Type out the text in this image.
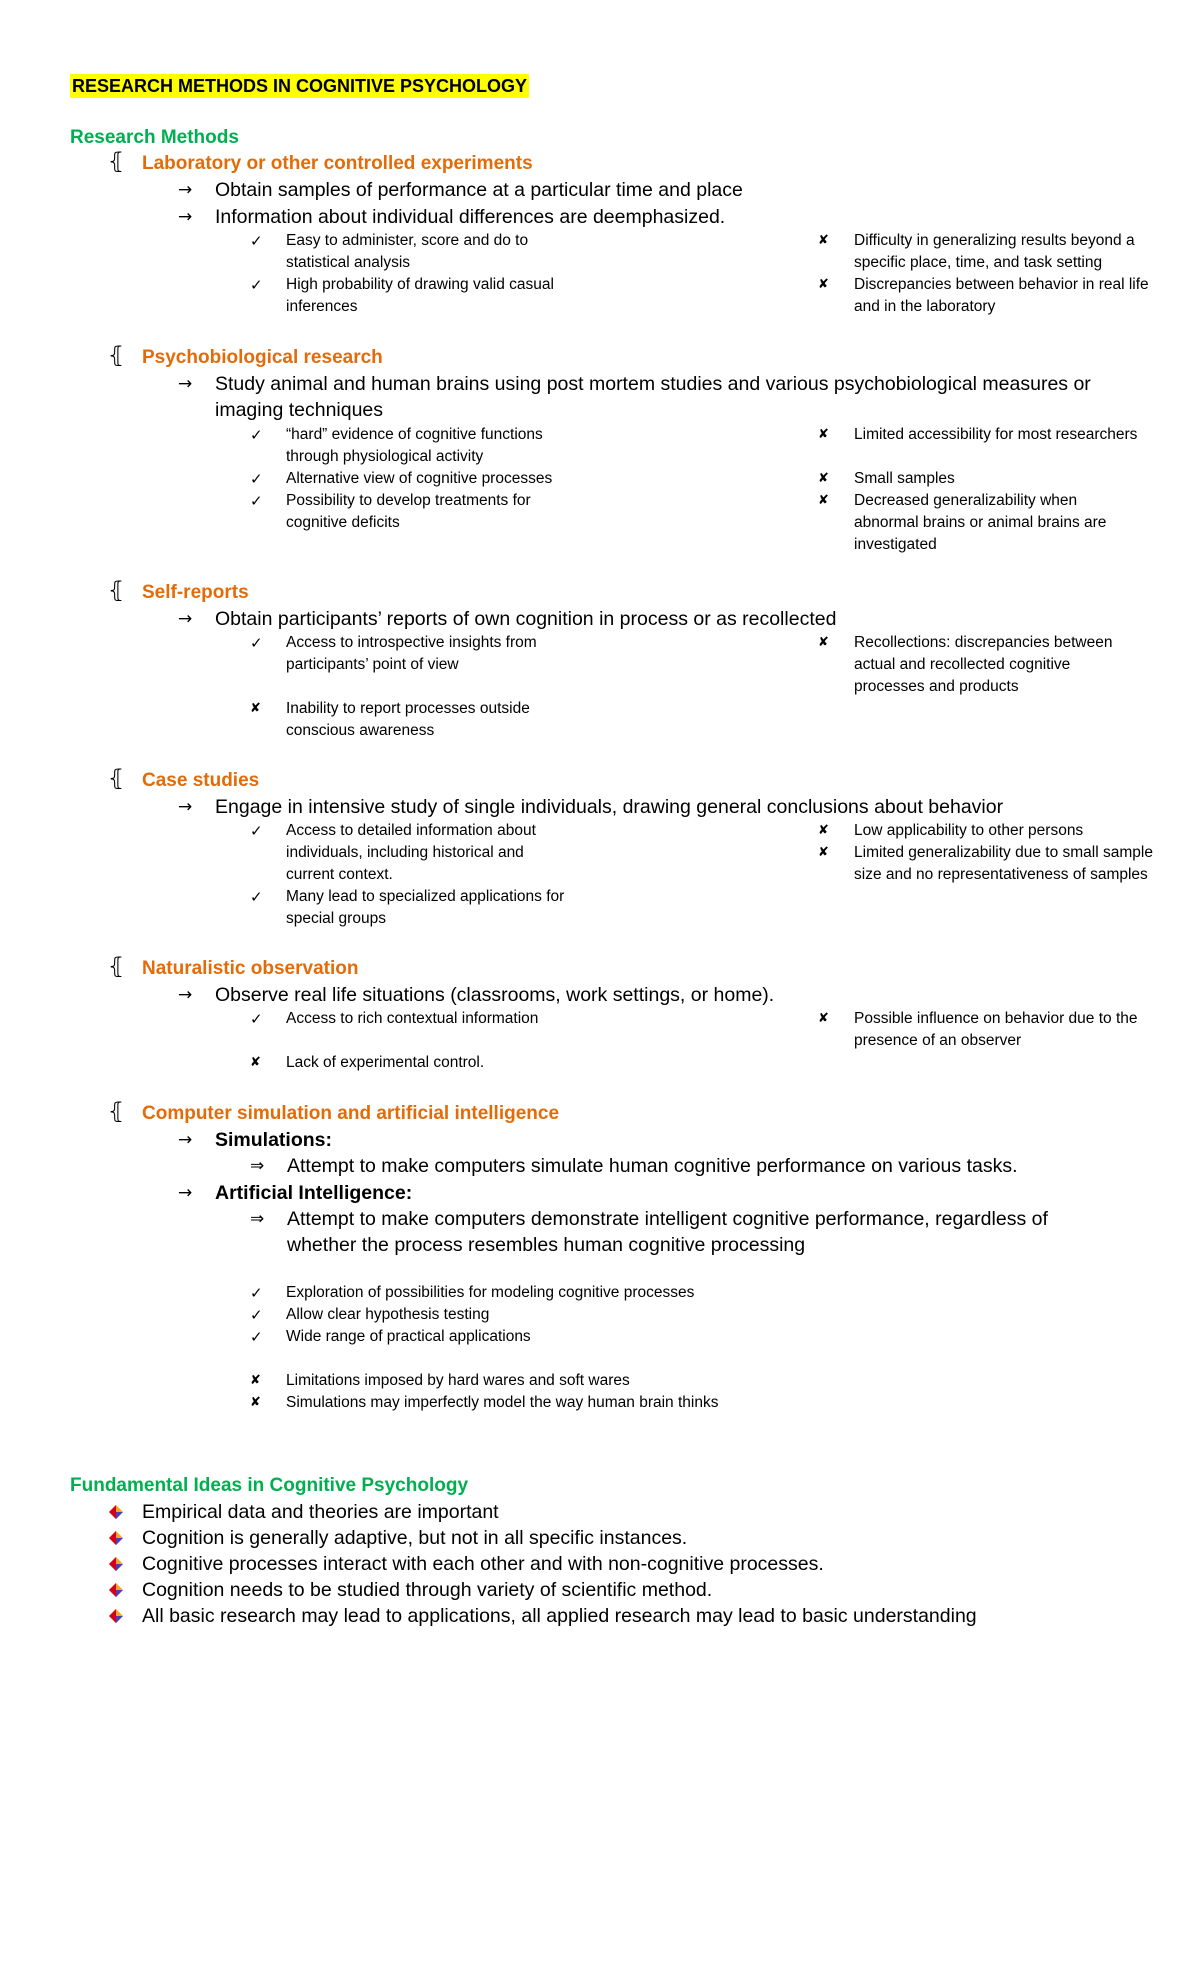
RESEARCH METHODS IN COGNITIVE PSYCHOLOGY
Research Methods
⦃ Laboratory or other controlled experiments
→	Obtain samples of performance at a particular time and place
→	Information about individual differences are deemphasized.
✓ Easy to administer, score and do to statistical analysis
✓ High probability of drawing valid casual inferences
✘ Difficulty in generalizing results beyond a specific place, time, and task setting
✘ Discrepancies between behavior in real life and in the laboratory
⦃ Psychobiological research
→ Study animal and human brains using post mortem studies and various psychobiological measures or imaging techniques
✓ “hard” evidence of cognitive functions through physiological activity
✓ Alternative view of cognitive processes
✓ Possibility to develop treatments for cognitive deficits
✘ Limited accessibility for most researchers
✘ Small samples
✘ Decreased generalizability when abnormal brains or animal brains are investigated
⦃ Self-reports
→	Obtain participants’ reports of own cognition in process or as recollected
✓ Access to introspective insights from participants’ point of view
✘ Inability to report processes outside conscious awareness
✘ Recollections: discrepancies between actual and recollected cognitive processes and products
⦃ Case studies
→	Engage in intensive study of single individuals, drawing general conclusions about behavior
✓ Access to detailed information about individuals, including historical and current context.
✓ Many lead to specialized applications for special groups
✘ Low applicability to other persons
✘ Limited generalizability due to small sample size and no representativeness of samples
⦃ Naturalistic observation
→	Observe real life situations (classrooms, work settings, or home).
✓ Access to rich contextual information
✘ Lack of experimental control.
✘ Possible influence on behavior due to the presence of an observer
⦃ Computer simulation and artificial intelligence
→	Simulations:
⇒ Attempt to make computers simulate human cognitive performance on various tasks.
→	Artificial Intelligence:
⇒ Attempt to make computers demonstrate intelligent cognitive performance, regardless of whether the process resembles human cognitive processing
✓ Exploration of possibilities for modeling cognitive processes
✓ Allow clear hypothesis testing
✓ Wide range of practical applications
✘ Limitations imposed by hard wares and soft wares
✘ Simulations may imperfectly model the way human brain thinks
Fundamental Ideas in Cognitive Psychology
Empirical data and theories are important
Cognition is generally adaptive, but not in all specific instances.
Cognitive processes interact with each other and with non-cognitive processes.
Cognition needs to be studied through variety of scientific method.
All basic research may lead to applications, all applied research may lead to basic understanding
